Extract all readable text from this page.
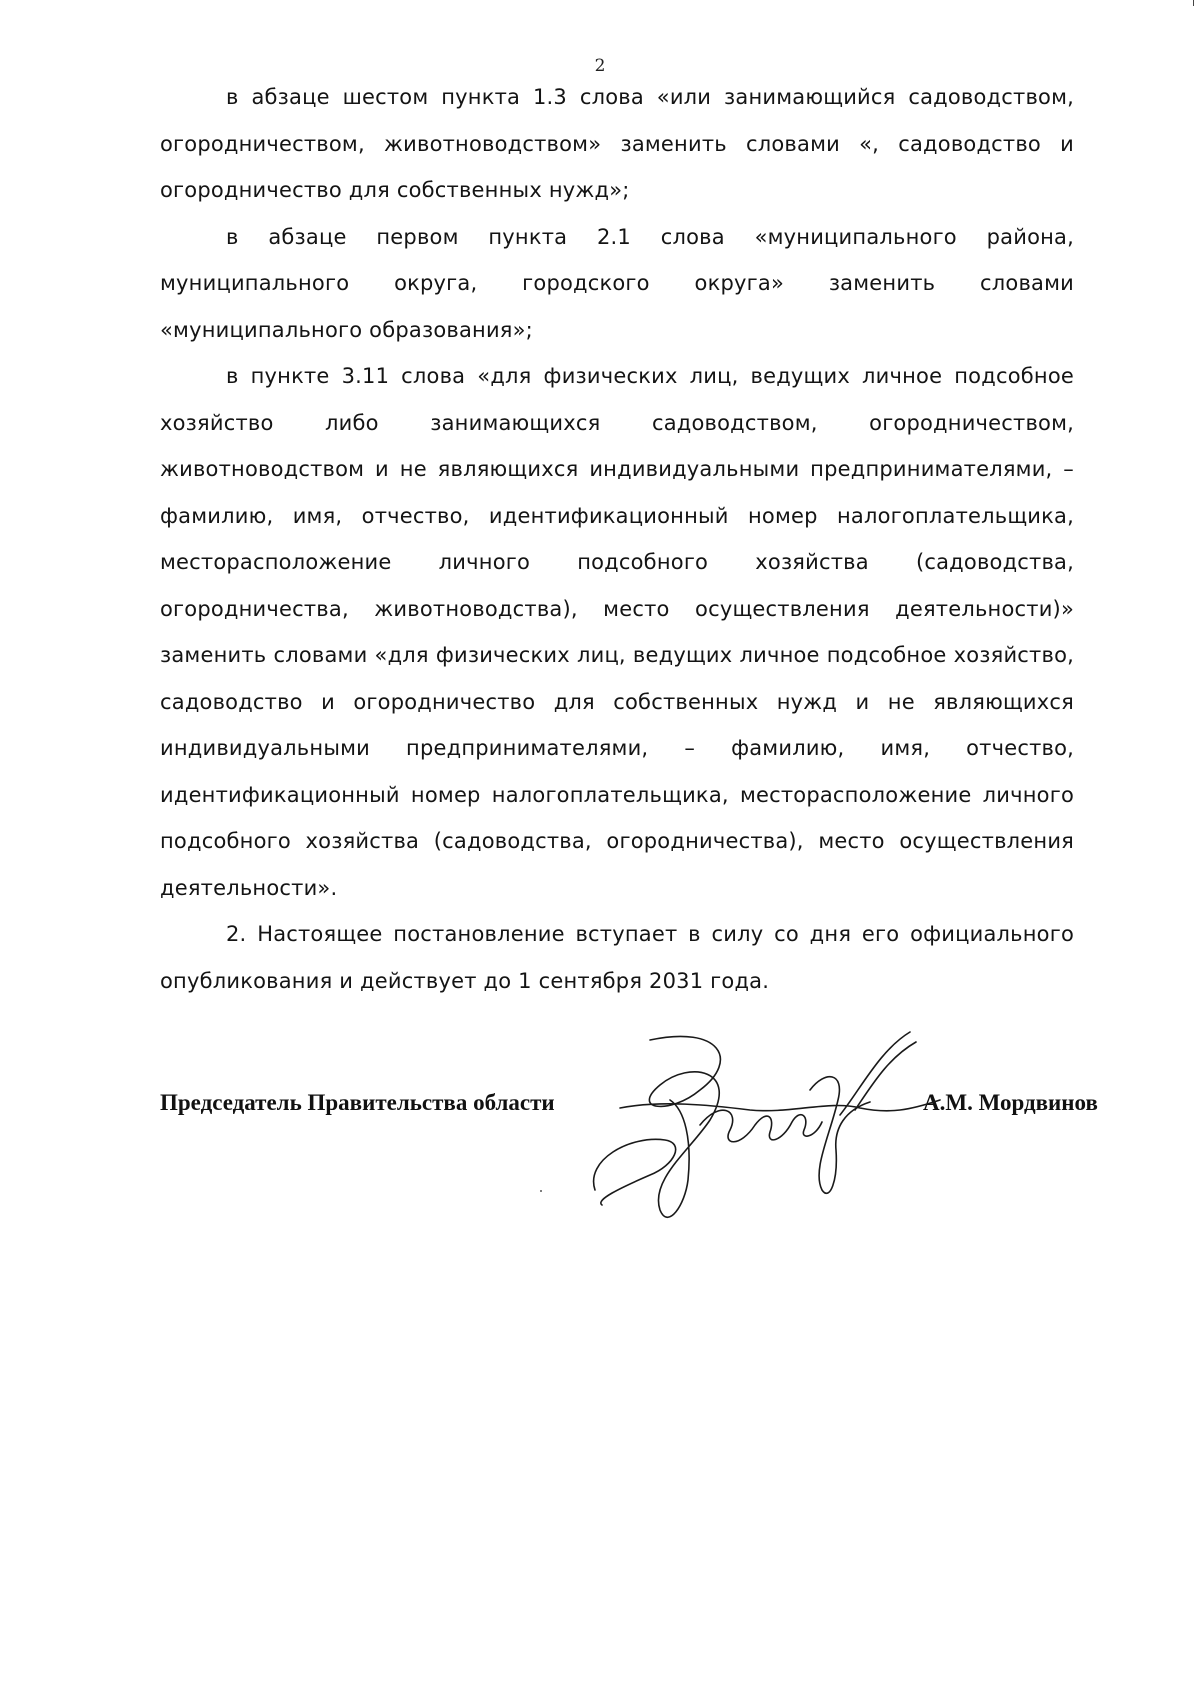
2

в абзаце шестом пункта 1.3 слова «или занимающийся садоводством, огородничеством, животноводством» заменить словами «, садоводство и огородничество для собственных нужд»;

в абзаце первом пункта 2.1 слова «муниципального района, муниципального округа, городского округа» заменить словами «муниципального образования»;

в пункте 3.11 слова «для физических лиц, ведущих личное подсобное хозяйство либо занимающихся садоводством, огородничеством, животноводством и не являющихся индивидуальными предпринимателями, – фамилию, имя, отчество, идентификационный номер налогоплательщика, месторасположение личного подсобного хозяйства (садоводства, огородничества, животноводства), место осуществления деятельности)» заменить словами «для физических лиц, ведущих личное подсобное хозяйство, садоводство и огородничество для собственных нужд и не являющихся индивидуальными предпринимателями, – фамилию, имя, отчество, идентификационный номер налогоплательщика, месторасположение личного подсобного хозяйства (садоводства, огородничества), место осуществления деятельности».

2. Настоящее постановление вступает в силу со дня его официального опубликования и действует до 1 сентября 2031 года.

Председатель Правительства области	А.М. Мордвинов
